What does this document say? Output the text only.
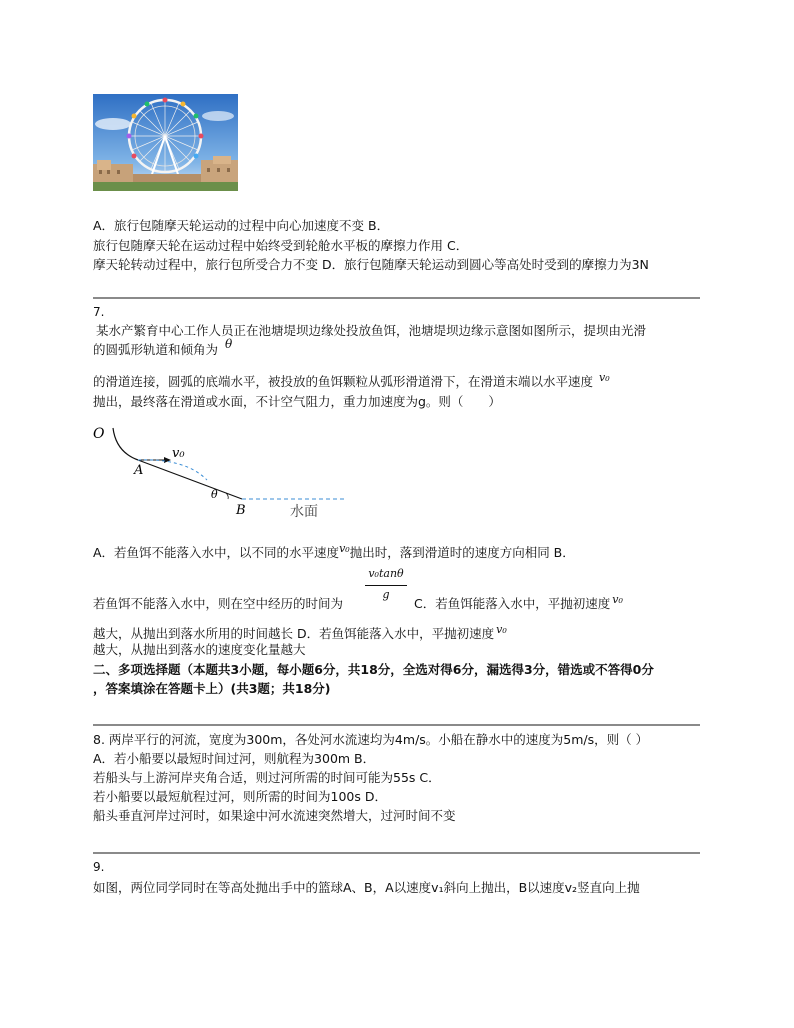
A．旅行包随摩天轮运动的过程中向心加速度不变 B．
旅行包随摩天轮在运动过程中始终受到轮舱水平板的摩擦力作用 C．
摩天轮转动过程中，旅行包所受合力不变 D．旅行包随摩天轮运动到圆心等高处时受到的摩擦力为3N
7.
某水产繁育中心工作人员正在池塘堤坝边缘处投放鱼饵，池塘堤坝边缘示意图如图所示，提坝由光滑
的圆弧形轨道和倾角为 θ
的滑道连接，圆弧的底端水平，被投放的鱼饵颗粒从弧形滑道滑下，在滑道末端以水平速度 v₀
抛出，最终落在滑道或水面，不计空气阻力，重力加速度为g。则（　　）
O
A
v₀
θ
B	水面
A．若鱼饵不能落入水中，以不同的水平速度v₀抛出时，落到滑道时的速度方向相同 B．
v₀tanθ
g
若鱼饵不能落入水中，则在空中经历的时间为	C．若鱼饵能落入水中，平抛初速度 v₀
越大，从抛出到落水所用的时间越长 D．若鱼饵能落入水中，平抛初速度 v₀
越大，从抛出到落水的速度变化量越大
二、多项选择题（本题共3小题，每小题6分，共18分，全选对得6分，漏选得3分，错选或不答得0分
，答案填涂在答题卡上）(共3题；共18分)
8. 两岸平行的河流，宽度为300m，各处河水流速均为4m/s。小船在静水中的速度为5m/s，则（ ）
A．若小船要以最短时间过河，则航程为300m B．
若船头与上游河岸夹角合适，则过河所需的时间可能为55s C．
若小船要以最短航程过河，则所需的时间为100s D．
船头垂直河岸过河时，如果途中河水流速突然增大，过河时间不变
9.
如图，两位同学同时在等高处抛出手中的篮球A、B，A以速度v₁斜向上抛出，B以速度v₂竖直向上抛
